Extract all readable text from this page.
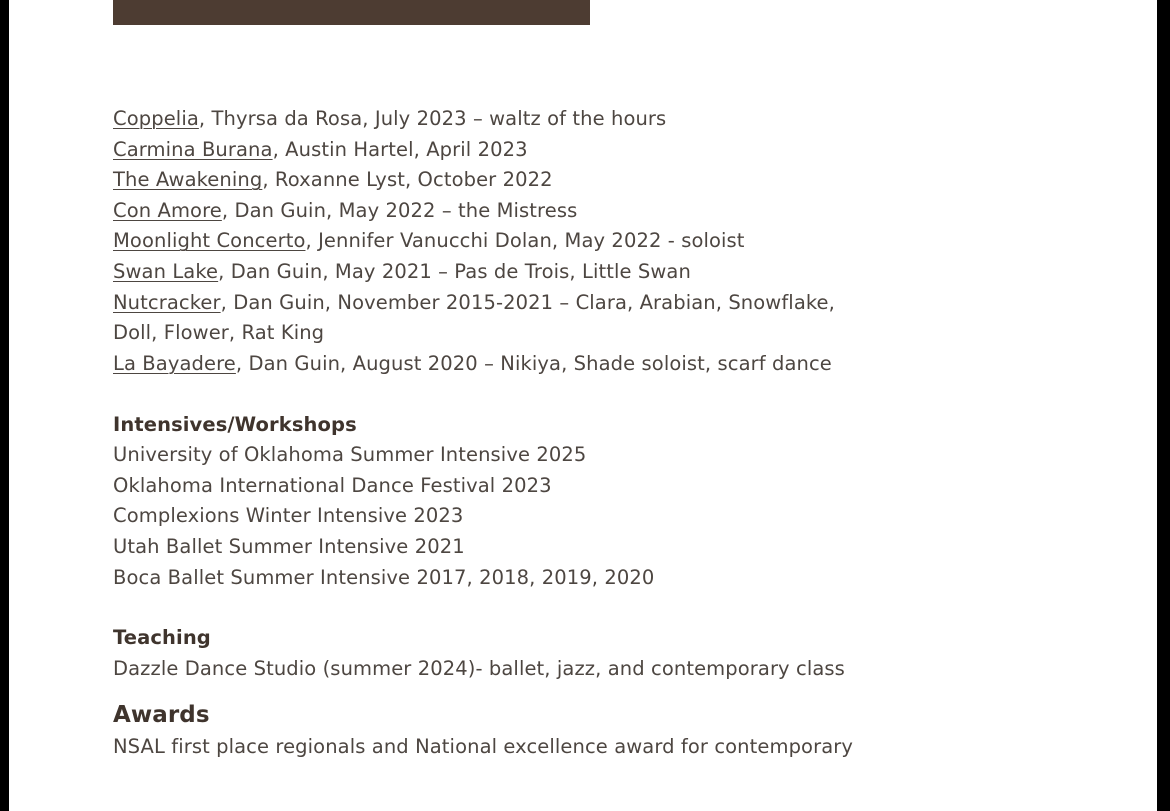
Coppelia, Thyrsa da Rosa, July 2023 – waltz of the hours
Carmina Burana, Austin Hartel, April 2023
The Awakening, Roxanne Lyst, October 2022
Con Amore, Dan Guin, May 2022 – the Mistress
Moonlight Concerto, Jennifer Vanucchi Dolan, May 2022 - soloist
Swan Lake, Dan Guin, May 2021 – Pas de Trois, Little Swan
Nutcracker, Dan Guin, November 2015-2021 – Clara, Arabian, Snowflake,
Doll, Flower, Rat King
La Bayadere, Dan Guin, August 2020 – Nikiya, Shade soloist, scarf dance
Intensives/Workshops
University of Oklahoma Summer Intensive 2025
Oklahoma International Dance Festival 2023
Complexions Winter Intensive 2023
Utah Ballet Summer Intensive 2021
Boca Ballet Summer Intensive 2017, 2018, 2019, 2020
Teaching
Dazzle Dance Studio (summer 2024)- ballet, jazz, and contemporary class
Awards
NSAL first place regionals and National excellence award for contemporary
